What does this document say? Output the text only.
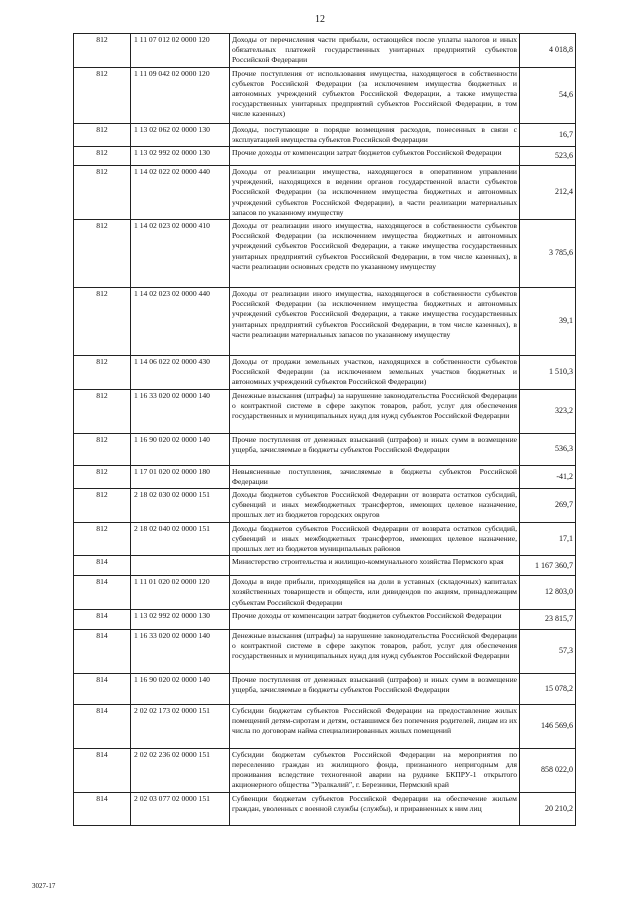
12
812	1 11 07 012 02 0000 120	Доходы от перечисления части прибыли, остающейся после уплаты налогов и иных обязательных платежей государственных унитарных предприятий субъектов Российской Федерации	4 018,8
812	1 11 09 042 02 0000 120	Прочие поступления от использования имущества, находящегося в собственности субъектов Российской Федерации (за исключением имущества бюджетных и автономных учреждений субъектов Российской Федерации, а также имущества государственных унитарных предприятий субъектов Российской Федерации, в том числе казенных)	54,6
812	1 13 02 062 02 0000 130	Доходы, поступающие в порядке возмещения расходов, понесенных в связи с эксплуатацией имущества субъектов Российской Федерации	16,7
812	1 13 02 992 02 0000 130	Прочие доходы от компенсации затрат бюджетов субъектов Российской Федерации	523,6
812	1 14 02 022 02 0000 440	Доходы от реализации имущества, находящегося в оперативном управлении учреждений, находящихся в ведении органов государственной власти субъектов Российской Федерации (за исключением имущества бюджетных и автономных учреждений субъектов Российской Федерации), в части реализации материальных запасов по указанному имуществу	212,4
812	1 14 02 023 02 0000 410	Доходы от реализации иного имущества, находящегося в собственности субъектов Российской Федерации (за исключением имущества бюджетных и автономных учреждений субъектов Российской Федерации, а также имущества государственных унитарных предприятий субъектов Российской Федерации, в том числе казенных), в части реализации основных средств по указанному имуществу	3 785,6
812	1 14 02 023 02 0000 440	Доходы от реализации иного имущества, находящегося в собственности субъектов Российской Федерации (за исключением имущества бюджетных и автономных учреждений субъектов Российской Федерации, а также имущества государственных унитарных предприятий субъектов Российской Федерации, в том числе казенных), в части реализации материальных запасов по указанному имуществу	39,1
812	1 14 06 022 02 0000 430	Доходы от продажи земельных участков, находящихся в собственности субъектов Российской Федерации (за исключением земельных участков бюджетных и автономных учреждений субъектов Российской Федерации)	1 510,3
812	1 16 33 020 02 0000 140	Денежные взыскания (штрафы) за нарушение законодательства Российской Федерации о контрактной системе в сфере закупок товаров, работ, услуг для обеспечения государственных и муниципальных нужд для нужд субъектов Российской Федерации	323,2
812	1 16 90 020 02 0000 140	Прочие поступления от денежных взысканий (штрафов) и иных сумм в возмещение ущерба, зачисляемые в бюджеты субъектов Российской Федерации	536,3
812	1 17 01 020 02 0000 180	Невыясненные поступления, зачисляемые в бюджеты субъектов Российской Федерации	-41,2
812	2 18 02 030 02 0000 151	Доходы бюджетов субъектов Российской Федерации от возврата остатков субсидий, субвенций и иных межбюджетных трансфертов, имеющих целевое назначение, прошлых лет из бюджетов городских округов	269,7
812	2 18 02 040 02 0000 151	Доходы бюджетов субъектов Российской Федерации от возврата остатков субсидий, субвенций и иных межбюджетных трансфертов, имеющих целевое назначение, прошлых лет из бюджетов муниципальных районов	17,1
814		Министерство строительства и жилищно-коммунального хозяйства Пермского края	1 167 360,7
814	1 11 01 020 02 0000 120	Доходы в виде прибыли, приходящейся на доли в уставных (складочных) капиталах хозяйственных товариществ и обществ, или дивидендов по акциям, принадлежащим субъектам Российской Федерации	12 803,0
814	1 13 02 992 02 0000 130	Прочие доходы от компенсации затрат бюджетов субъектов Российской Федерации	23 815,7
814	1 16 33 020 02 0000 140	Денежные взыскания (штрафы) за нарушение законодательства Российской Федерации о контрактной системе в сфере закупок товаров, работ, услуг для обеспечения государственных и муниципальных нужд для нужд субъектов Российской Федерации	57,3
814	1 16 90 020 02 0000 140	Прочие поступления от денежных взысканий (штрафов) и иных сумм в возмещение ущерба, зачисляемые в бюджеты субъектов Российской Федерации	15 078,2
814	2 02 02 173 02 0000 151	Субсидии бюджетам субъектов Российской Федерации на предоставление жилых помещений детям-сиротам и детям, оставшимся без попечения родителей, лицам из их числа по договорам найма специализированных жилых помещений	146 569,6
814	2 02 02 236 02 0000 151	Субсидии бюджетам субъектов Российской Федерации на мероприятия по переселению граждан из жилищного фонда, признанного непригодным для проживания вследствие техногенной аварии на руднике БКПРУ-1 открытого акционерного общества "Уралкалий", г. Березники, Пермский край	858 022,0
814	2 02 03 077 02 0000 151	Субвенции бюджетам субъектов Российской Федерации на обеспечение жильем граждан, уволенных с военной службы (службы), и приравненных к ним лиц	20 210,2
3027-17
